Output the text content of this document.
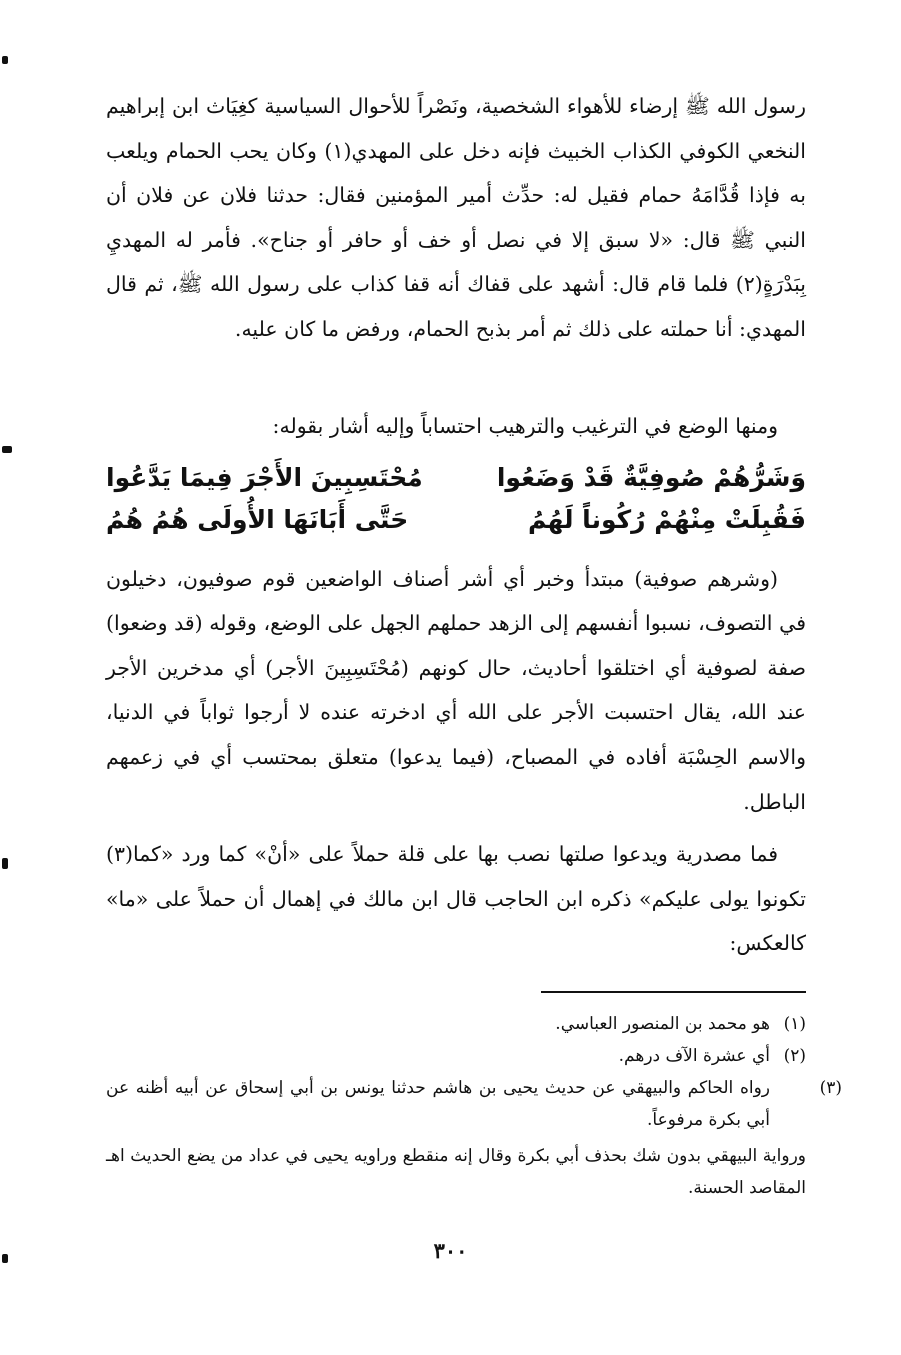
رسول الله ﷺ إرضاء للأهواء الشخصية، ونَصْراً للأحوال السياسية كغِيَاث ابن إبراهيم النخعي الكوفي الكذاب الخبيث فإنه دخل على المهدي(١) وكان يحب الحمام ويلعب به فإذا قُدَّامَهُ حمام فقيل له: حدِّث أمير المؤمنين فقال: حدثنا فلان عن فلان أن النبي ﷺ قال: «لا سبق إلا في نصل أو خف أو حافر أو جناح». فأمر له المهديِ بِبَدْرَةٍ(٢) فلما قام قال: أشهد على قفاك أنه قفا كذاب على رسول الله ﷺ، ثم قال المهدي: أنا حملته على ذلك ثم أمر بذبح الحمام، ورفض ما كان عليه.

ومنها الوضع في الترغيب والترهيب احتساباً وإليه أشار بقوله:

وَشَرُّهُمْ صُوفِيَّةٌ قَدْ وَضَعُوا
مُحْتَسِبِينَ الأَجْرَ فِيمَا يَدَّعُوا
فَقُبِلَتْ مِنْهُمْ رُكُوناً لَهُمُ
حَتَّى أَبَانَهَا الأُولَى هُمُ هُمُ

(وشرهم صوفية) مبتدأ وخبر أي أشر أصناف الواضعين قوم صوفيون، دخيلون في التصوف، نسبوا أنفسهم إلى الزهد حملهم الجهل على الوضع، وقوله (قد وضعوا) صفة لصوفية أي اختلقوا أحاديث، حال كونهم (مُحْتَسِبِينَ الأجر) أي مدخرين الأجر عند الله، يقال احتسبت الأجر على الله أي ادخرته عنده لا أرجوا ثواباً في الدنيا، والاسم الحِسْبَة أفاده في المصباح، (فيما يدعوا) متعلق بمحتسب أي في زعمهم الباطل.

فما مصدرية ويدعوا صلتها نصب بها على قلة حملاً على «أنْ» كما ورد «كما(٣) تكونوا يولى عليكم» ذكره ابن الحاجب قال ابن مالك في إهمال أن حملاً على «ما» كالعكس:

(١)هو محمد بن المنصور العباسي.

(٢)أي عشرة الآف درهم.

(٣)رواه الحاكم والبيهقي عن حديث يحيى بن هاشم حدثنا يونس بن أبي إسحاق عن أبيه أظنه عن أبي بكرة مرفوعاً.

ورواية البيهقي بدون شك بحذف أبي بكرة وقال إنه منقطع وراويه يحيى في عداد من يضع الحديث اهـ المقاصد الحسنة.

٣٠٠
